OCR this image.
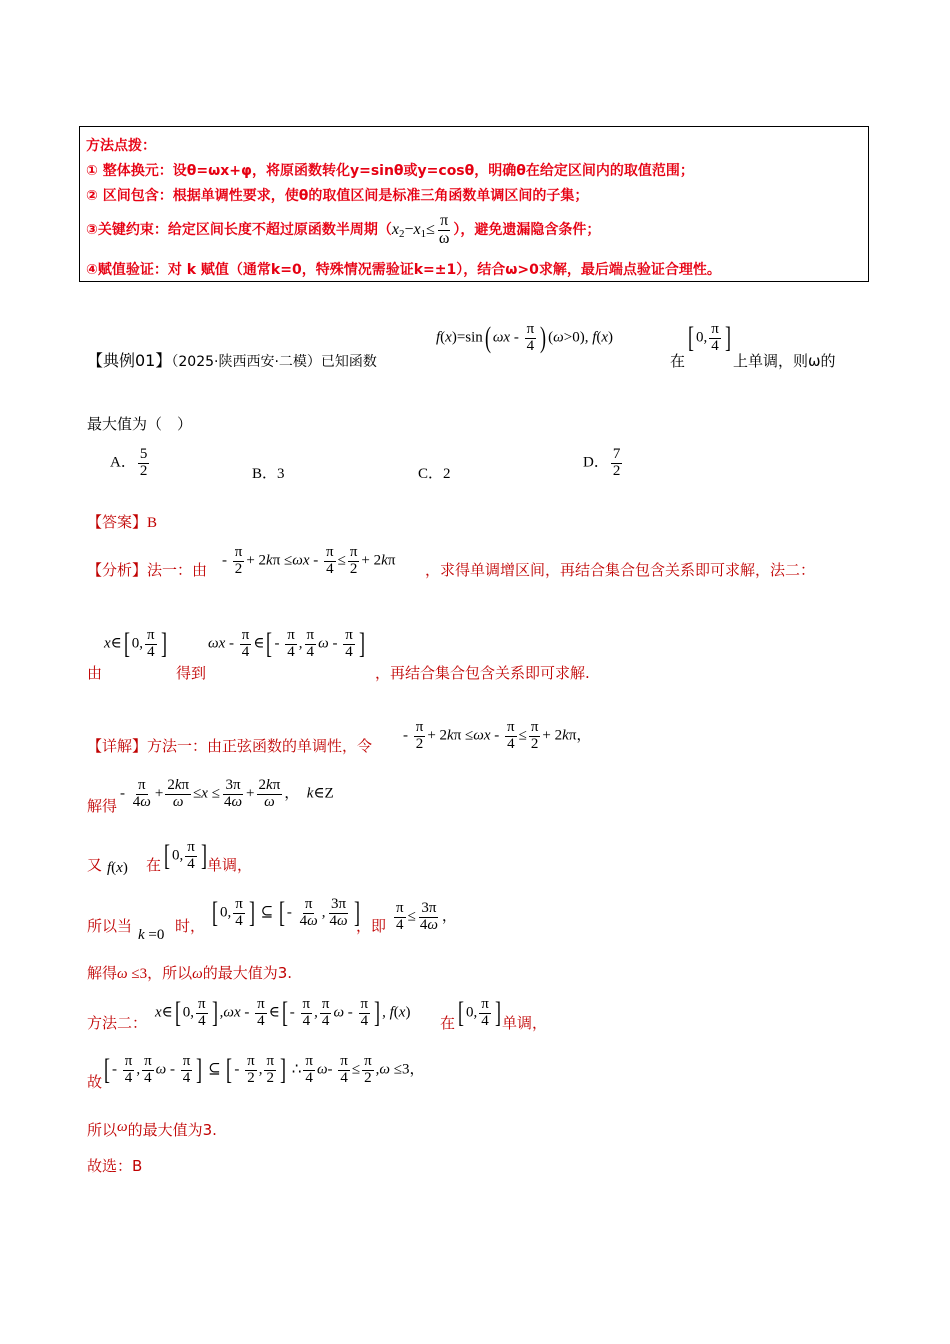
方法点拨：
① 整体换元：设θ=ωx+φ，将原函数转化y=sinθ或y=cosθ，明确θ在给定区间内的取值范围；
② 区间包含：根据单调性要求，使θ的取值区间是标准三角函数单调区间的子集；
③关键约束：给定区间长度不超过原函数半周期（$x_2-x_1\le \frac{\pi}{\omega}$ ），避免遗漏隐含条件；
④赋值验证：对 k 赋值（通常k=0，特殊情况需验证k=±1），结合ω>0求解，最后端点验证合理性。
【典例01】（2025·陕西西安·二模）已知函数
f(x)=sin( ωx - $\frac{\pi}{4}$ ) (ω>0), f(x)
在
[ 0, $\frac{\pi}{4}$ ]
上单调，则ω的
最大值为（　）
A． $\frac{5}{2}$	B．3	C．2
D． $\frac{7}{2}$
【答案】B
【分析】法一：由
- $\frac{\pi}{2} + 2k\pi \le\omega x - \frac{\pi}{4} \le \frac{\pi}{2} + 2k\pi$
，求得单调增区间，再结合集合包含关系即可求解，法二：
由
x∈[ 0, $\frac{\pi}{4}$ ]
得到
ωx - $\frac{\pi}{4}$ ∈[ - $\frac{\pi}{4}$ , $\frac{\pi}{4}$ ω - $\frac{\pi}{4}$ ]
，再结合集合包含关系即可求解.
【详解】方法一：由正弦函数的单调性，令
- $\frac{\pi}{2} + 2k\pi \le\omega x - \frac{\pi}{4} \le \frac{\pi}{2} + 2k\pi$，
解得
- $\frac{\pi}{4\omega} + \frac{2k\pi}{\omega} \le x \le \frac{3\pi}{4\omega} + \frac{2k\pi}{\omega}$ ， k∈Z
又 f(x) 在 [ 0, $\frac{\pi}{4}$ ] 单调，
所以当 k =0 时， [ 0, $\frac{\pi}{4}$ ] ⊆ [ - $\frac{\pi}{4\omega}$ , $\frac{3\pi}{4\omega}$ ]
，即 $\frac{\pi}{4} \le \frac{3\pi}{4\omega}$ ，
解得ω ≤3，所以ω的最大值为3.
方法二：
x∈[ 0, $\frac{\pi}{4}$ ] ,ωx - $\frac{\pi}{4}$ ∈[ - $\frac{\pi}{4}$ , $\frac{\pi}{4}$ ω - $\frac{\pi}{4}$ ] , f(x)
在 [ 0, $\frac{\pi}{4}$ ] 单调，
故 [ - $\frac{\pi}{4}$ , $\frac{\pi}{4}$ ω - $\frac{\pi}{4}$ ] ⊆ [ - $\frac{\pi}{2}$ , $\frac{\pi}{2}$ ] ∴ $\frac{\pi}{4} \omega- \frac{\pi}{4} \le \frac{\pi}{2} ,\omega \le 3$，
所以ω的最大值为3.
故选：B
